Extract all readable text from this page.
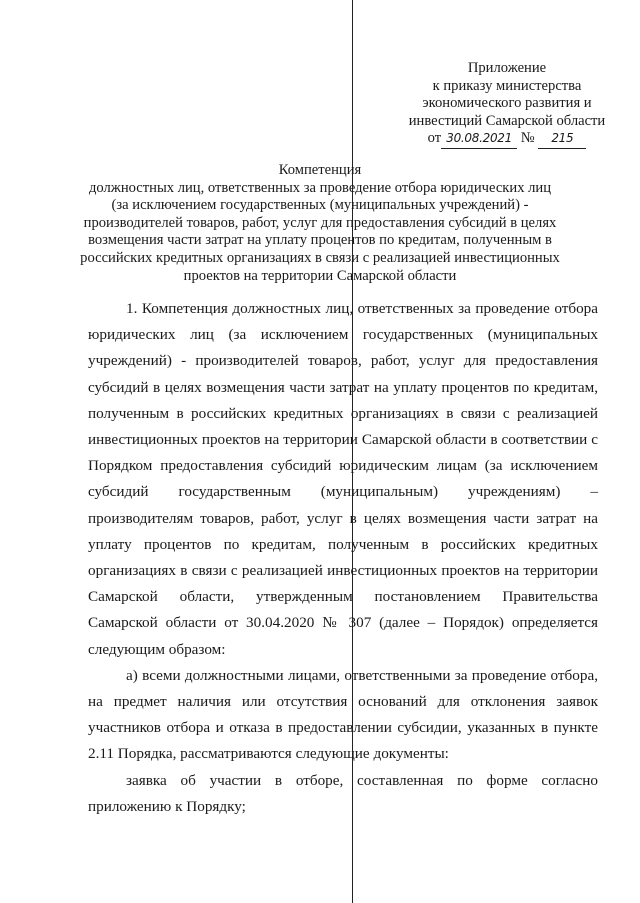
Приложение
к приказу министерства
экономического развития и
инвестиций Самарской области
от 30.08.2021 № 215
Компетенция
должностных лиц, ответственных за проведение отбора юридических лиц
(за исключением государственных (муниципальных учреждений) -
производителей товаров, работ, услуг для предоставления субсидий в целях
возмещения части затрат на уплату процентов по кредитам, полученным в
российских кредитных организациях в связи с реализацией инвестиционных
проектов на территории Самарской области

1. Компетенция должностных лиц, ответственных за проведение отбора юридических лиц (за исключением государственных (муниципальных учреждений) - производителей товаров, работ, услуг для предоставления субсидий в целях возмещения части затрат на уплату процентов по кредитам, полученным в российских кредитных организациях в связи с реализацией инвестиционных проектов на территории Самарской области в соответствии с Порядком предоставления субсидий юридическим лицам (за исключением субсидий государственным (муниципальным) учреждениям) – производителям товаров, работ, услуг в целях возмещения части затрат на уплату процентов по кредитам, полученным в российских кредитных организациях в связи с реализацией инвестиционных проектов на территории Самарской области, утвержденным постановлением Правительства Самарской области от 30.04.2020 № 307 (далее – Порядок) определяется следующим образом:

а) всеми должностными лицами, ответственными за проведение отбора, на предмет наличия или отсутствия оснований для отклонения заявок участников отбора и отказа в предоставлении субсидии, указанных в пункте 2.11 Порядка, рассматриваются следующие документы:

заявка об участии в отборе, составленная по форме согласно приложению к Порядку;
